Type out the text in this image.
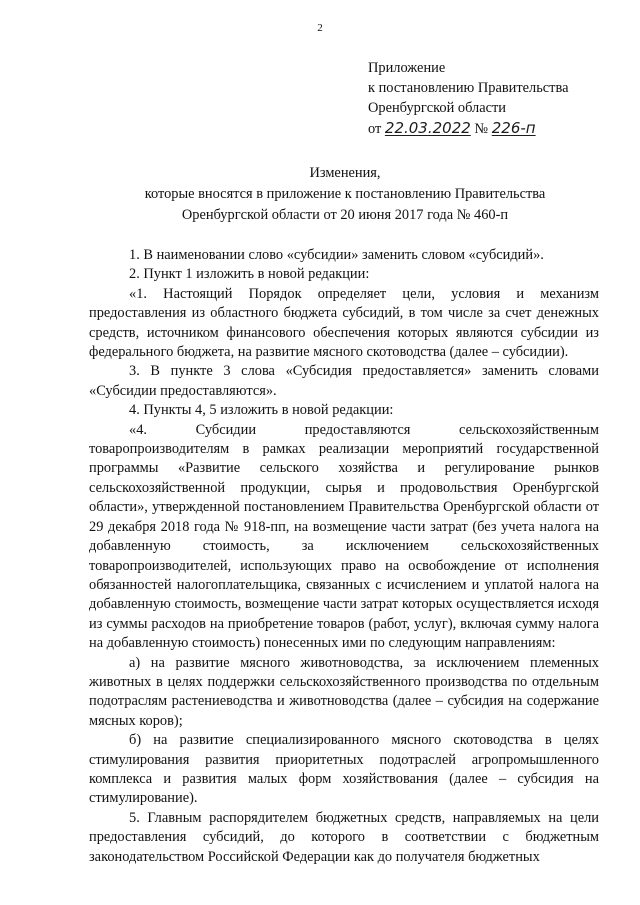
2
Приложение
к постановлению Правительства
Оренбургской области
от 22.03.2022 № 226-п
Изменения,
которые вносятся в приложение к постановлению Правительства
Оренбургской области от 20 июня 2017 года № 460-п

1. В наименовании слово «субсидии» заменить словом «субсидий».

2. Пункт 1 изложить в новой редакции:

«1. Настоящий Порядок определяет цели, условия и механизм предоставления из областного бюджета субсидий, в том числе за счет денежных средств, источником финансового обеспечения которых являются субсидии из федерального бюджета, на развитие мясного скотоводства (далее – субсидии).

3. В пункте 3 слова «Субсидия предоставляется» заменить словами «Субсидии предоставляются».

4. Пункты 4, 5 изложить в новой редакции:

«4. Субсидии предоставляются сельскохозяйственным товаропроизводителям в рамках реализации мероприятий государственной программы «Развитие сельского хозяйства и регулирование рынков сельскохозяйственной продукции, сырья и продовольствия Оренбургской области», утвержденной постановлением Правительства Оренбургской области от 29 декабря 2018 года № 918-пп, на возмещение части затрат (без учета налога на добавленную стоимость, за исключением сельскохозяйственных товаропроизводителей, использующих право на освобождение от исполнения обязанностей налогоплательщика, связанных с исчислением и уплатой налога на добавленную стоимость, возмещение части затрат которых осуществляется исходя из суммы расходов на приобретение товаров (работ, услуг), включая сумму налога на добавленную стоимость) понесенных ими по следующим направлениям:

а) на развитие мясного животноводства, за исключением племенных животных в целях поддержки сельскохозяйственного производства по отдельным подотраслям растениеводства и животноводства (далее – субсидия на содержание мясных коров);

б) на развитие специализированного мясного скотоводства в целях стимулирования развития приоритетных подотраслей агропромышленного комплекса и развития малых форм хозяйствования (далее – субсидия на стимулирование).

5. Главным распорядителем бюджетных средств, направляемых на цели предоставления субсидий, до которого в соответствии с бюджетным законодательством Российской Федерации как до получателя бюджетных
